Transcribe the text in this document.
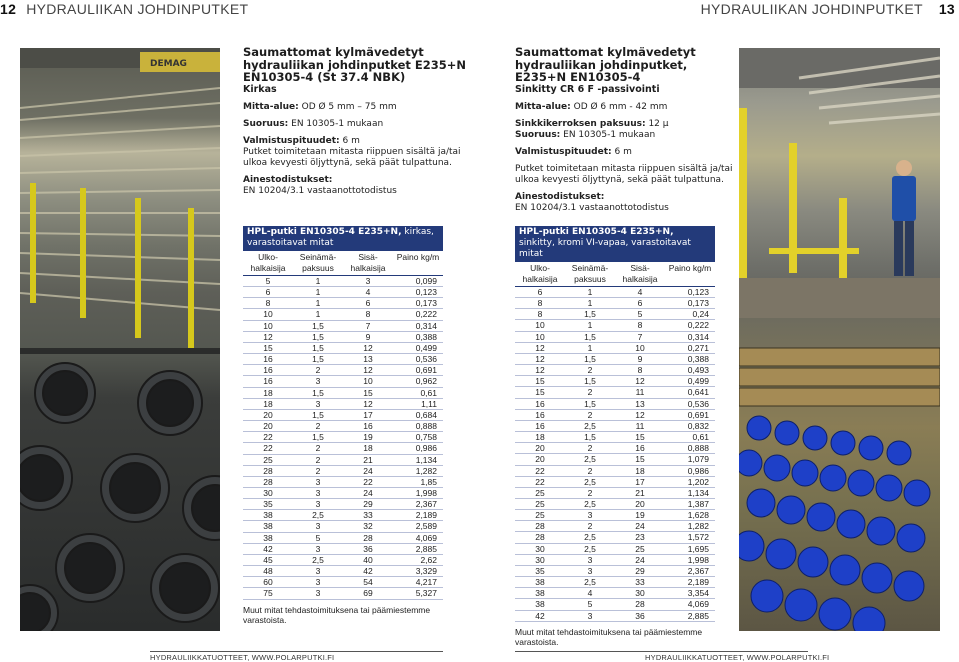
12 HYDRAULIIKAN JOHDINPUTKET	HYDRAULIIKAN JOHDINPUTKET 13
DEMAG

Saumattomat kylmävedetyt hydrauliikan johdinputket E235+N EN10305-4 (St 37.4 NBK)

Kirkas

Mitta-alue: OD Ø 5 mm – 75 mm

Suoruus: EN 10305-1 mukaan

Valmistuspituudet: 6 m

Putket toimitetaan mitasta riippuen sisältä ja/tai ulkoa kevyesti öljyttynä, sekä päät tulpattuna.

Ainestodistukset:

EN 10204/3.1 vastaanottotodistus

Saumattomat kylmävedetyt hydrauliikan johdinputket, E235+N EN10305-4

Sinkitty CR 6 F -passivointi

Mitta-alue: OD Ø 6 mm - 42 mm

Sinkkikerroksen paksuus: 12 μ

Suoruus: EN 10305-1 mukaan

Valmistuspituudet: 6 m

Putket toimitetaan mitasta riippuen sisältä ja/tai ulkoa kevyesti öljyttynä, sekä päät tulpattuna.

Ainestodistukset:

EN 10204/3.1 vastaanottotodistus

HPL-putki EN10305-4 E235+N, kirkas, varastoitavat mitat
Ulko-halkaisija	Seinämä-paksuus	Sisä-halkaisija	Paino kg/m
5	1	3	0,099
6	1	4	0,123
8	1	6	0,173
10	1	8	0,222
10	1,5	7	0,314
12	1,5	9	0,388
15	1,5	12	0,499
16	1,5	13	0,536
16	2	12	0,691
16	3	10	0,962
18	1,5	15	0,61
18	3	12	1,11
20	1,5	17	0,684
20	2	16	0,888
22	1,5	19	0,758
22	2	18	0,986
25	2	21	1,134
28	2	24	1,282
28	3	22	1,85
30	3	24	1,998
35	3	29	2,367
38	2,5	33	2,189
38	3	32	2,589
38	5	28	4,069
42	3	36	2,885
45	2,5	40	2,62
48	3	42	3,329
60	3	54	4,217
75	3	69	5,327

Muut mitat tehdastoimituksena tai päämiestemme varastoista.

HPL-putki EN10305-4 E235+N, sinkitty, kromi VI-vapaa, varastoitavat mitat
Ulko-halkaisija	Seinämä-paksuus	Sisä-halkaisija	Paino kg/m
6	1	4	0,123
8	1	6	0,173
8	1,5	5	0,24
10	1	8	0,222
10	1,5	7	0,314
12	1	10	0,271
12	1,5	9	0,388
12	2	8	0,493
15	1,5	12	0,499
15	2	11	0,641
16	1,5	13	0,536
16	2	12	0,691
16	2,5	11	0,832
18	1,5	15	0,61
20	2	16	0,888
20	2,5	15	1,079
22	2	18	0,986
22	2,5	17	1,202
25	2	21	1,134
25	2,5	20	1,387
25	3	19	1,628
28	2	24	1,282
28	2,5	23	1,572
30	2,5	25	1,695
30	3	24	1,998
35	3	29	2,367
38	2,5	33	2,189
38	4	30	3,354
38	5	28	4,069
42	3	36	2,885

Muut mitat tehdastoimituksena tai päämiestemme varastoista.

HYDRAULIIKKATUOTTEET, WWW.POLARPUTKI.FI	HYDRAULIIKKATUOTTEET, WWW.POLARPUTKI.FI
